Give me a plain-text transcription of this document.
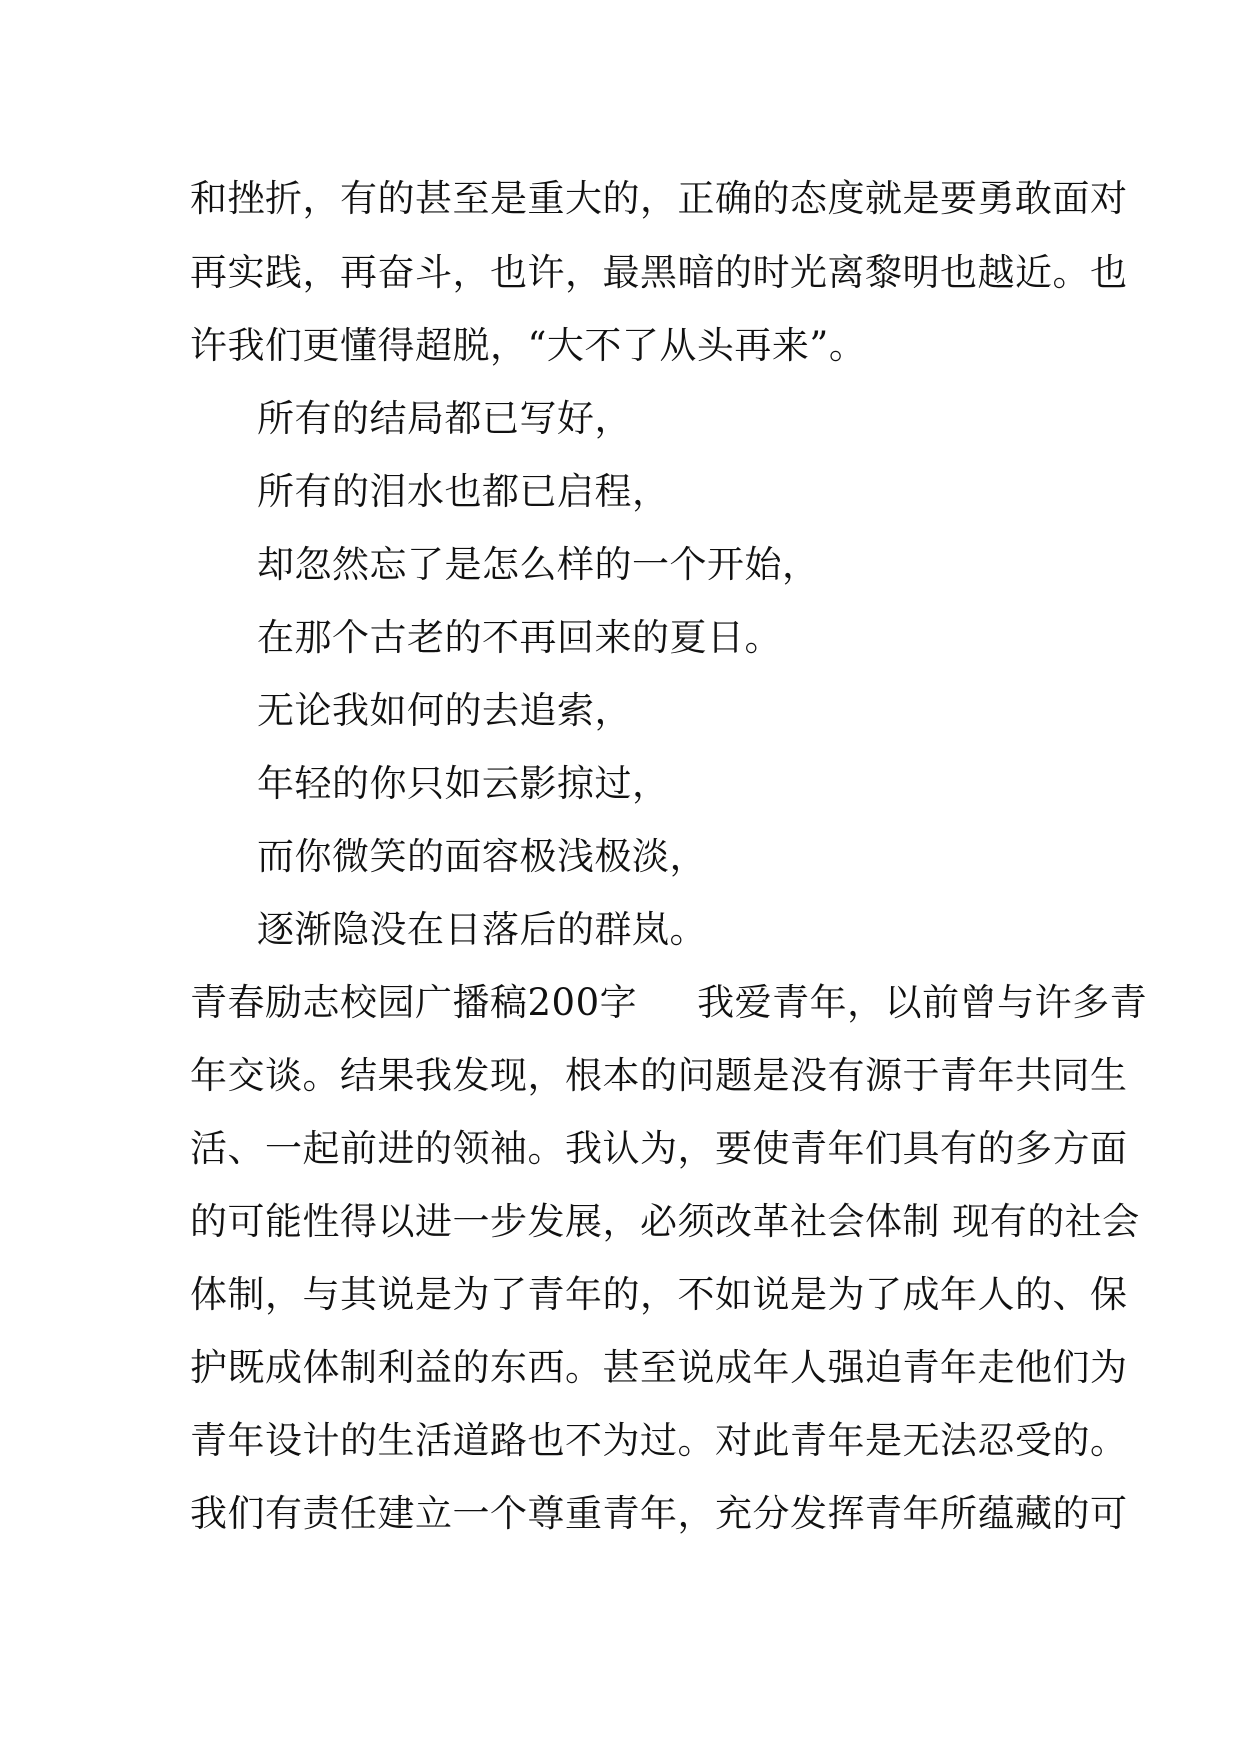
和挫折，有的甚至是重大的，正确的态度就是要勇敢面对
再实践，再奋斗，也许，最黑暗的时光离黎明也越近。也
许我们更懂得超脱，“大不了从头再来”。
所有的结局都已写好，
所有的泪水也都已启程，
却忽然忘了是怎么样的一个开始，
在那个古老的不再回来的夏日。
无论我如何的去追索，
年轻的你只如云影掠过，
而你微笑的面容极浅极淡，
逐渐隐没在日落后的群岚。
青春励志校园广播稿200字 我爱青年，以前曾与许多青
年交谈。结果我发现，根本的问题是没有源于青年共同生
活、一起前进的领袖。我认为，要使青年们具有的多方面
的可能性得以进一步发展，必须改革社会体制 现有的社会
体制，与其说是为了青年的，不如说是为了成年人的、保
护既成体制利益的东西。甚至说成年人强迫青年走他们为
青年设计的生活道路也不为过。对此青年是无法忍受的。
我们有责任建立一个尊重青年，充分发挥青年所蕴藏的可
